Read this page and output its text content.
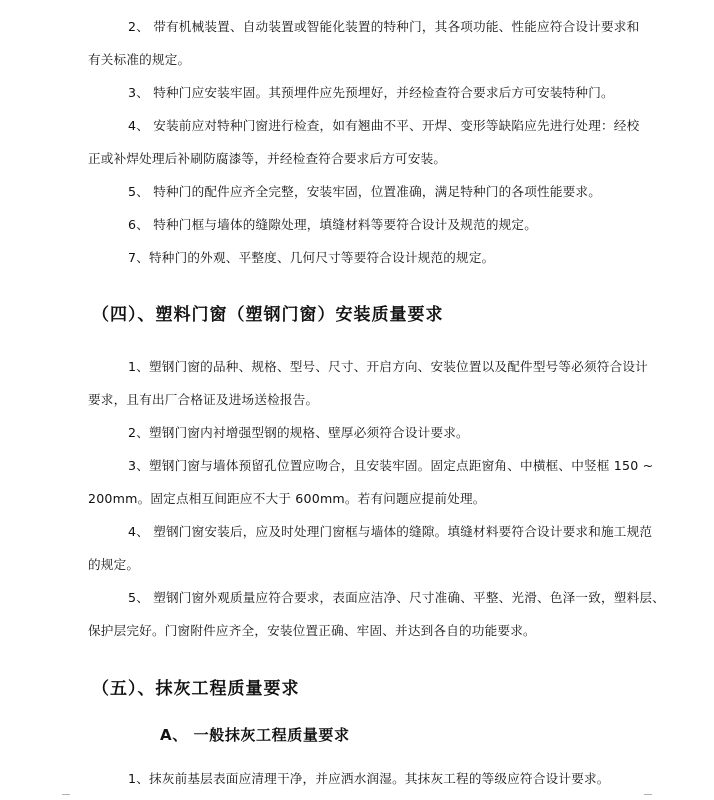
2、 带有机械装置、自动装置或智能化装置的特种门，其各项功能、性能应符合设计要求和
有关标准的规定。
3、 特种门应安装牢固。其预埋件应先预埋好，并经检查符合要求后方可安装特种门。
4、 安装前应对特种门窗进行检查，如有翘曲不平、开焊、变形等缺陷应先进行处理：经校
正或补焊处理后补刷防腐漆等，并经检查符合要求后方可安装。
5、 特种门的配件应齐全完整，安装牢固，位置准确，满足特种门的各项性能要求。
6、 特种门框与墙体的缝隙处理，填缝材料等要符合设计及规范的规定。
7、特种门的外观、平整度、几何尺寸等要符合设计规范的规定。
（四）、塑料门窗（塑钢门窗）安装质量要求
1、塑钢门窗的品种、规格、型号、尺寸、开启方向、安装位置以及配件型号等必须符合设计
要求，且有出厂合格证及进场送检报告。
2、塑钢门窗内衬增强型钢的规格、壁厚必须符合设计要求。
3、塑钢门窗与墙体预留孔位置应吻合，且安装牢固。固定点距窗角、中横框、中竖框 150 ~
200mm。固定点相互间距应不大于 600mm。若有问题应提前处理。
4、 塑钢门窗安装后，应及时处理门窗框与墙体的缝隙。填缝材料要符合设计要求和施工规范
的规定。
5、 塑钢门窗外观质量应符合要求，表面应洁净、尺寸准确、平整、光滑、色泽一致，塑料层、
保护层完好。门窗附件应齐全，安装位置正确、牢固、并达到各自的功能要求。
（五）、抹灰工程质量要求
A、 一般抹灰工程质量要求
1、抹灰前基层表面应清理干净，并应洒水润湿。其抹灰工程的等级应符合设计要求。
